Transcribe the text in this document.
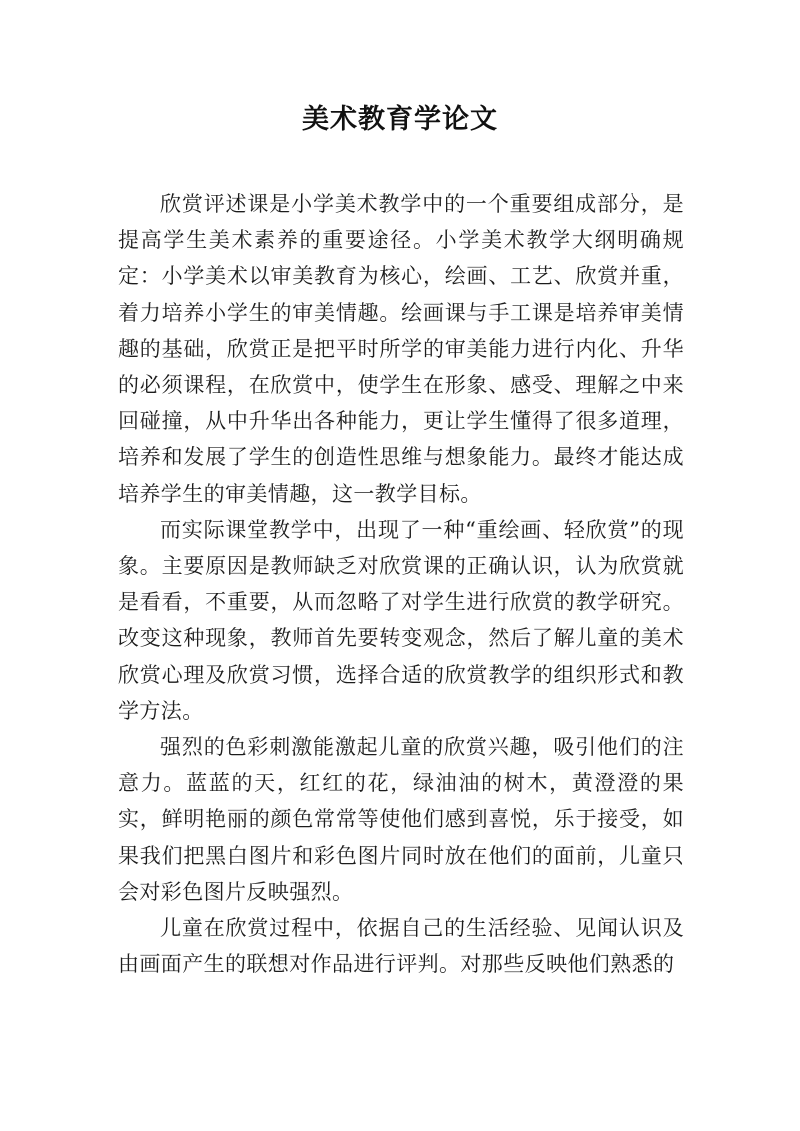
美术教育学论文

欣赏评述课是小学美术教学中的一个重要组成部分，是提高学生美术素养的重要途径。小学美术教学大纲明确规定：小学美术以审美教育为核心，绘画、工艺、欣赏并重，着力培养小学生的审美情趣。绘画课与手工课是培养审美情趣的基础，欣赏正是把平时所学的审美能力进行内化、升华的必须课程，在欣赏中，使学生在形象、感受、理解之中来回碰撞，从中升华出各种能力，更让学生懂得了很多道理，培养和发展了学生的创造性思维与想象能力。最终才能达成培养学生的审美情趣，这一教学目标。

而实际课堂教学中，出现了一种“重绘画、轻欣赏”的现象。主要原因是教师缺乏对欣赏课的正确认识，认为欣赏就是看看，不重要，从而忽略了对学生进行欣赏的教学研究。改变这种现象，教师首先要转变观念，然后了解儿童的美术欣赏心理及欣赏习惯，选择合适的欣赏教学的组织形式和教学方法。

强烈的色彩刺激能激起儿童的欣赏兴趣，吸引他们的注意力。蓝蓝的天，红红的花，绿油油的树木，黄澄澄的果实，鲜明艳丽的颜色常常等使他们感到喜悦，乐于接受，如果我们把黑白图片和彩色图片同时放在他们的面前，儿童只会对彩色图片反映强烈。

儿童在欣赏过程中，依据自己的生活经验、见闻认识及由画面产生的联想对作品进行评判。对那些反映他们熟悉的
